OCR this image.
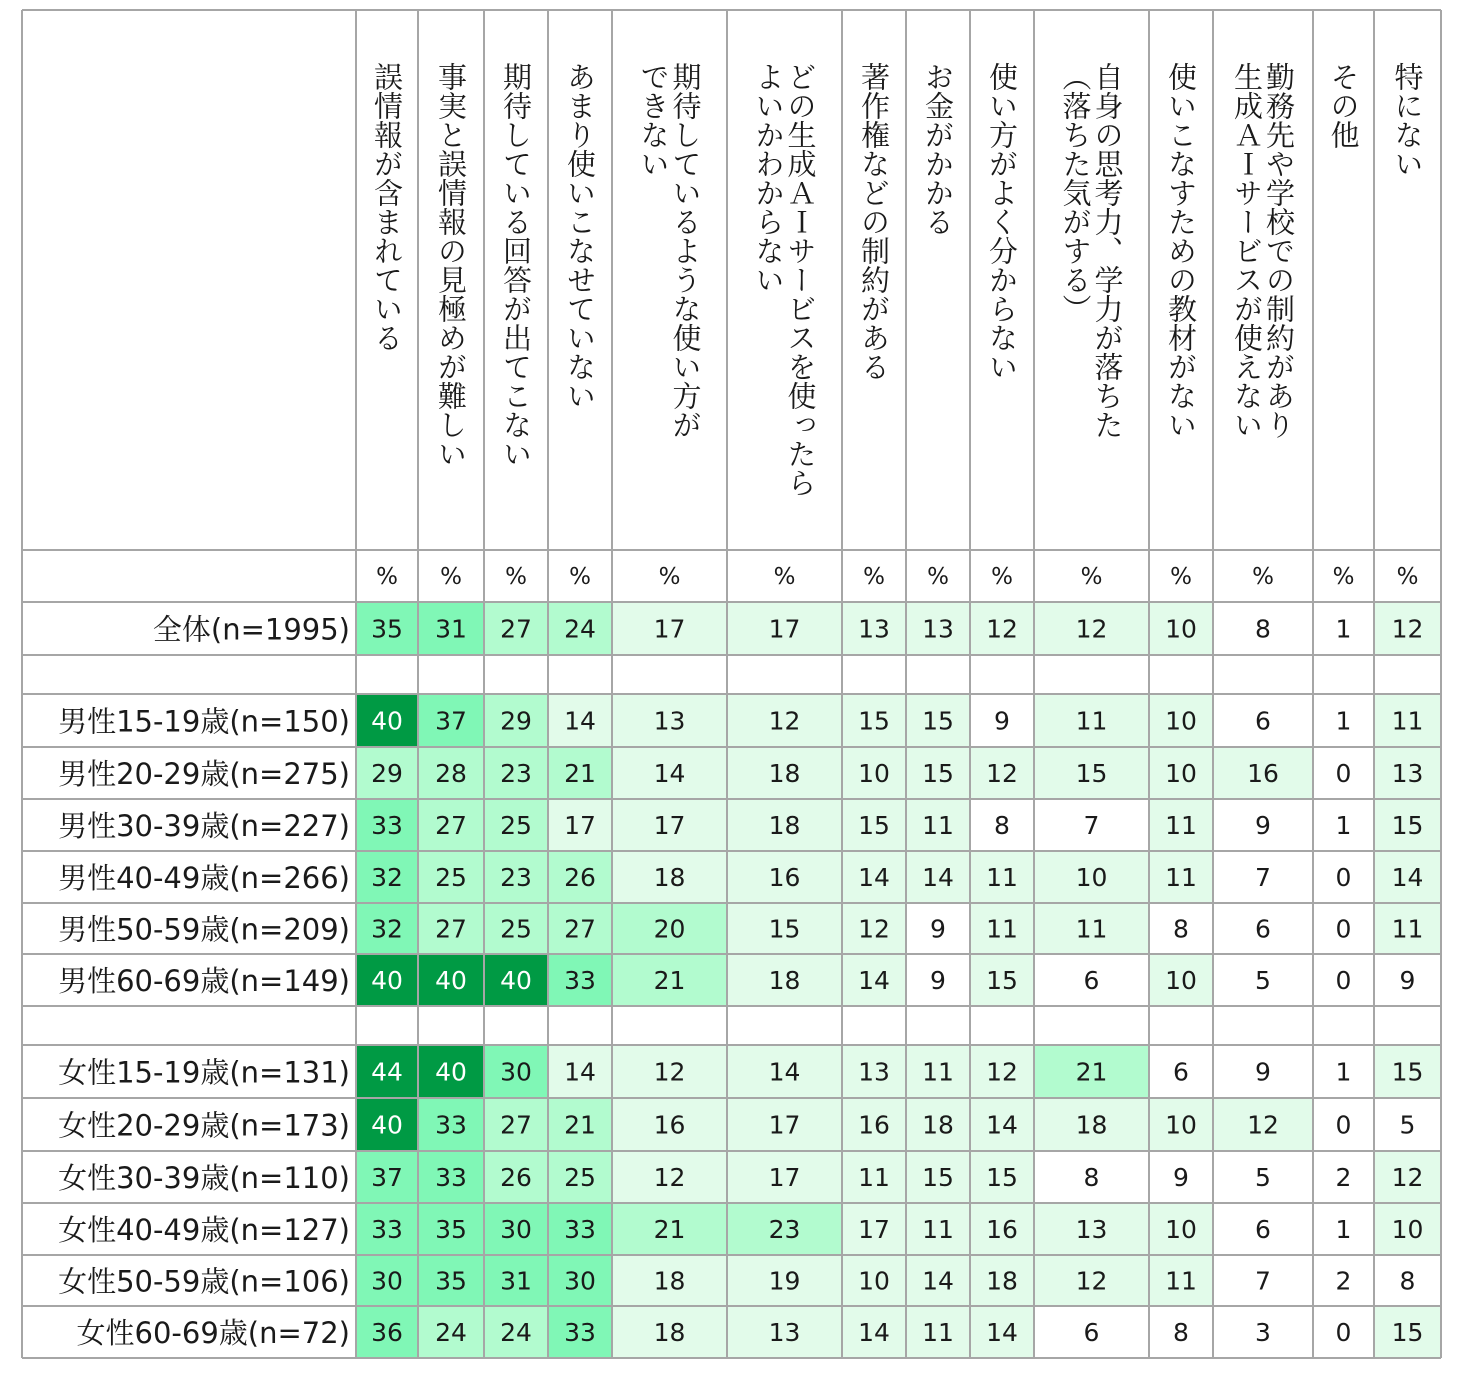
誤情報が含まれている 事実と誤情報の見極めが難しい 期待している回答が出てこない あまり使いこなせていない 期待しているような使い方が
できない	どの生成ＡＩサービスを使ったら
よいかわからない 著作権などの制約がある お金がかかる 使い方がよく分からない 自身の思考力、学力が落ちた
（落ちた気がする） 使いこなすための教材がない 勤務先や学校での制約があり
生成ＡＩサービスが使えない その他 特にない
% % % %	%	%	% % %	%	%	%	% %
全体(n=1995) 35 31 27 24 17	17 13 13 12 12 10 8	1 12
男性15-19歳(n=150) 40 37 29 14 13	12 15 15 9	11 10 6	1 11
男性20-29歳(n=275) 29 28 23 21 14	18 10 15 12 15 10 16 0 13
男性30-39歳(n=227) 33 27 25 17 17	18 15 11 8	7	11 9	1 15
男性40-49歳(n=266) 32 25 23 26 18	16 14 14 11 10 11 7	0 14
男性50-59歳(n=209) 32 27 25 27 20	15 12 9 11 11	8	6	0 11
男性60-69歳(n=149) 40 40 40 33 21	18 14 9 15	6	10 5	0 9
女性15-19歳(n=131) 44 40 30 14 12	14 13 11 12 21	6	9	1 15
女性20-29歳(n=173) 40 33 27 21 16	17 16 18 14 18 10 12 0 5
女性30-39歳(n=110) 37 33 26 25 12	17 11 15 15	8	9	5	2 12
女性40-49歳(n=127) 33 35 30 33 21	23 17 11 16 13 10 6	1 10
女性50-59歳(n=106) 30 35 31 30 18	19 10 14 18 12 11 7	2 8
女性60-69歳(n=72) 36 24 24 33 18	13 14 11 14	6	8	3	0 15
